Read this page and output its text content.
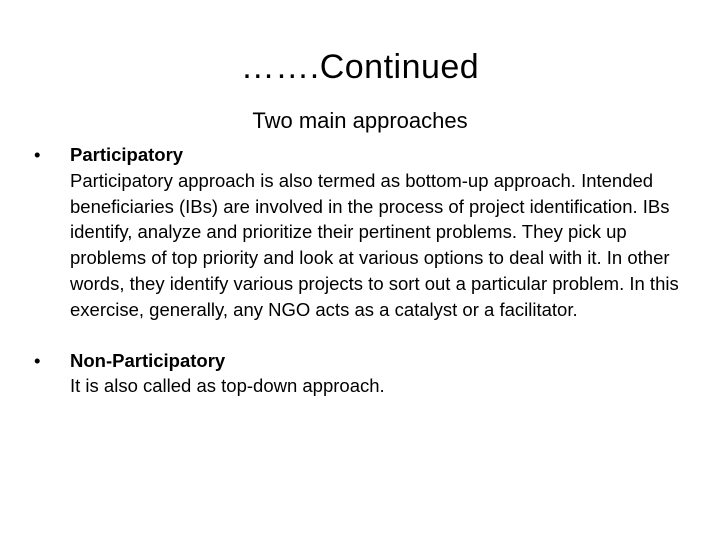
…….Continued
Two main approaches
•	Participatory
Participatory approach is also termed as bottom-up approach. Intended beneficiaries (IBs) are involved in the process of project identification. IBs identify, analyze and prioritize their pertinent problems. They pick up problems of top priority and look at various options to deal with it. In other words, they identify various projects to sort out a particular problem. In this exercise, generally, any NGO acts as a catalyst or a facilitator.
•	Non-Participatory
It is also called as top-down approach.
